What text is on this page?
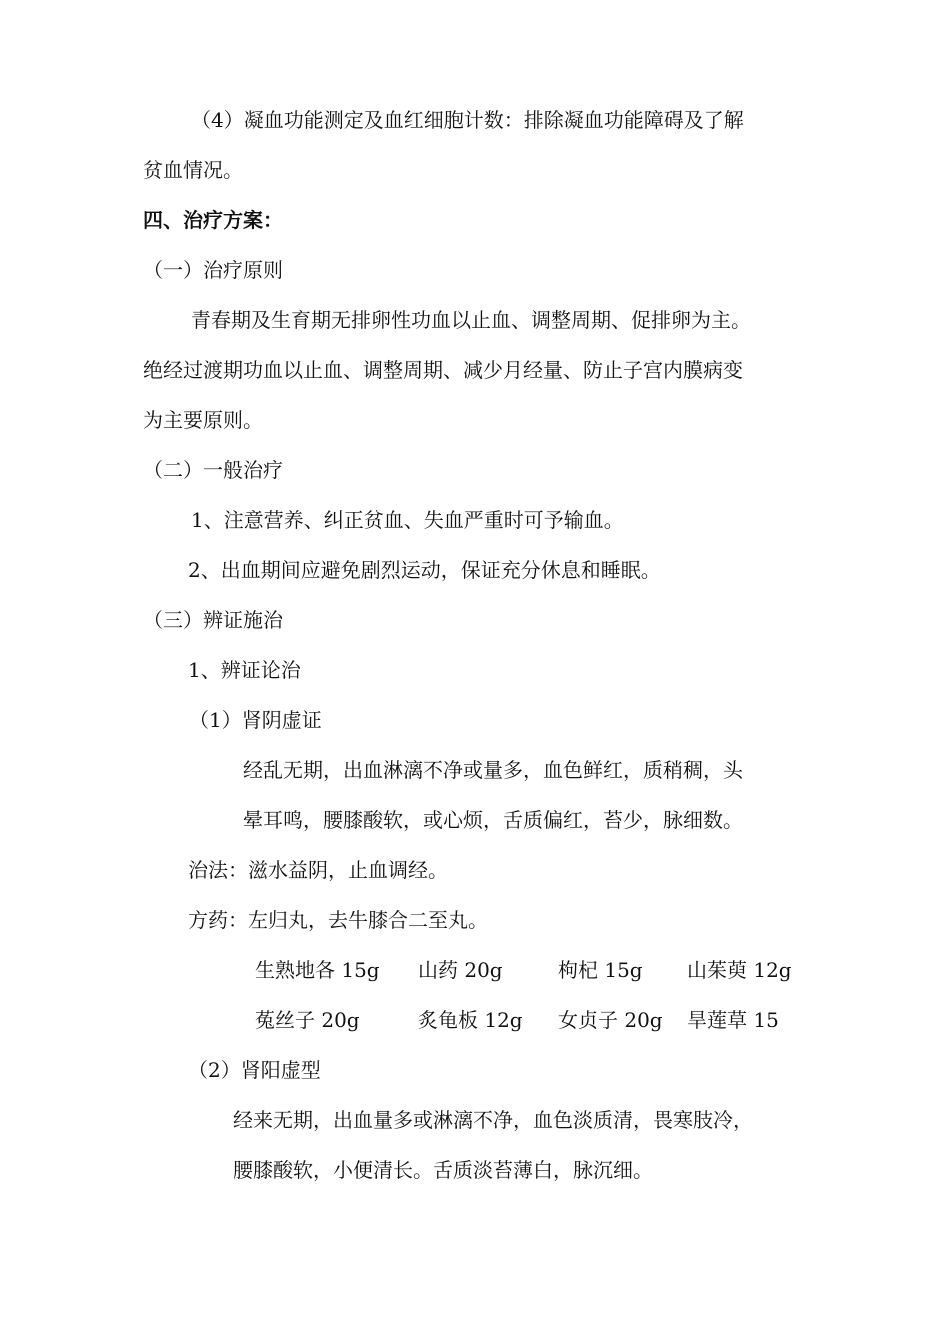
（4）凝血功能测定及血红细胞计数：排除凝血功能障碍及了解
贫血情况。
四、治疗方案：
（一）治疗原则
青春期及生育期无排卵性功血以止血、调整周期、促排卵为主。
绝经过渡期功血以止血、调整周期、减少月经量、防止子宫内膜病变
为主要原则。
（二）一般治疗
1、注意营养、纠正贫血、失血严重时可予输血。
2、出血期间应避免剧烈运动，保证充分休息和睡眠。
（三）辨证施治
1、辨证论治
（1）肾阴虚证
经乱无期，出血淋漓不净或量多，血色鲜红，质稍稠，头
晕耳鸣，腰膝酸软，或心烦，舌质偏红，苔少，脉细数。
治法：滋水益阴，止血调经。
方药：左归丸，去牛膝合二至丸。
生熟地各 15g 山药 20g	枸杞 15g 山茱萸 12g
菟丝子 20g	炙龟板 12g 女贞子 20g 旱莲草 15
（2）肾阳虚型
经来无期，出血量多或淋漓不净，血色淡质清，畏寒肢冷，
腰膝酸软，小便清长。舌质淡苔薄白，脉沉细。
